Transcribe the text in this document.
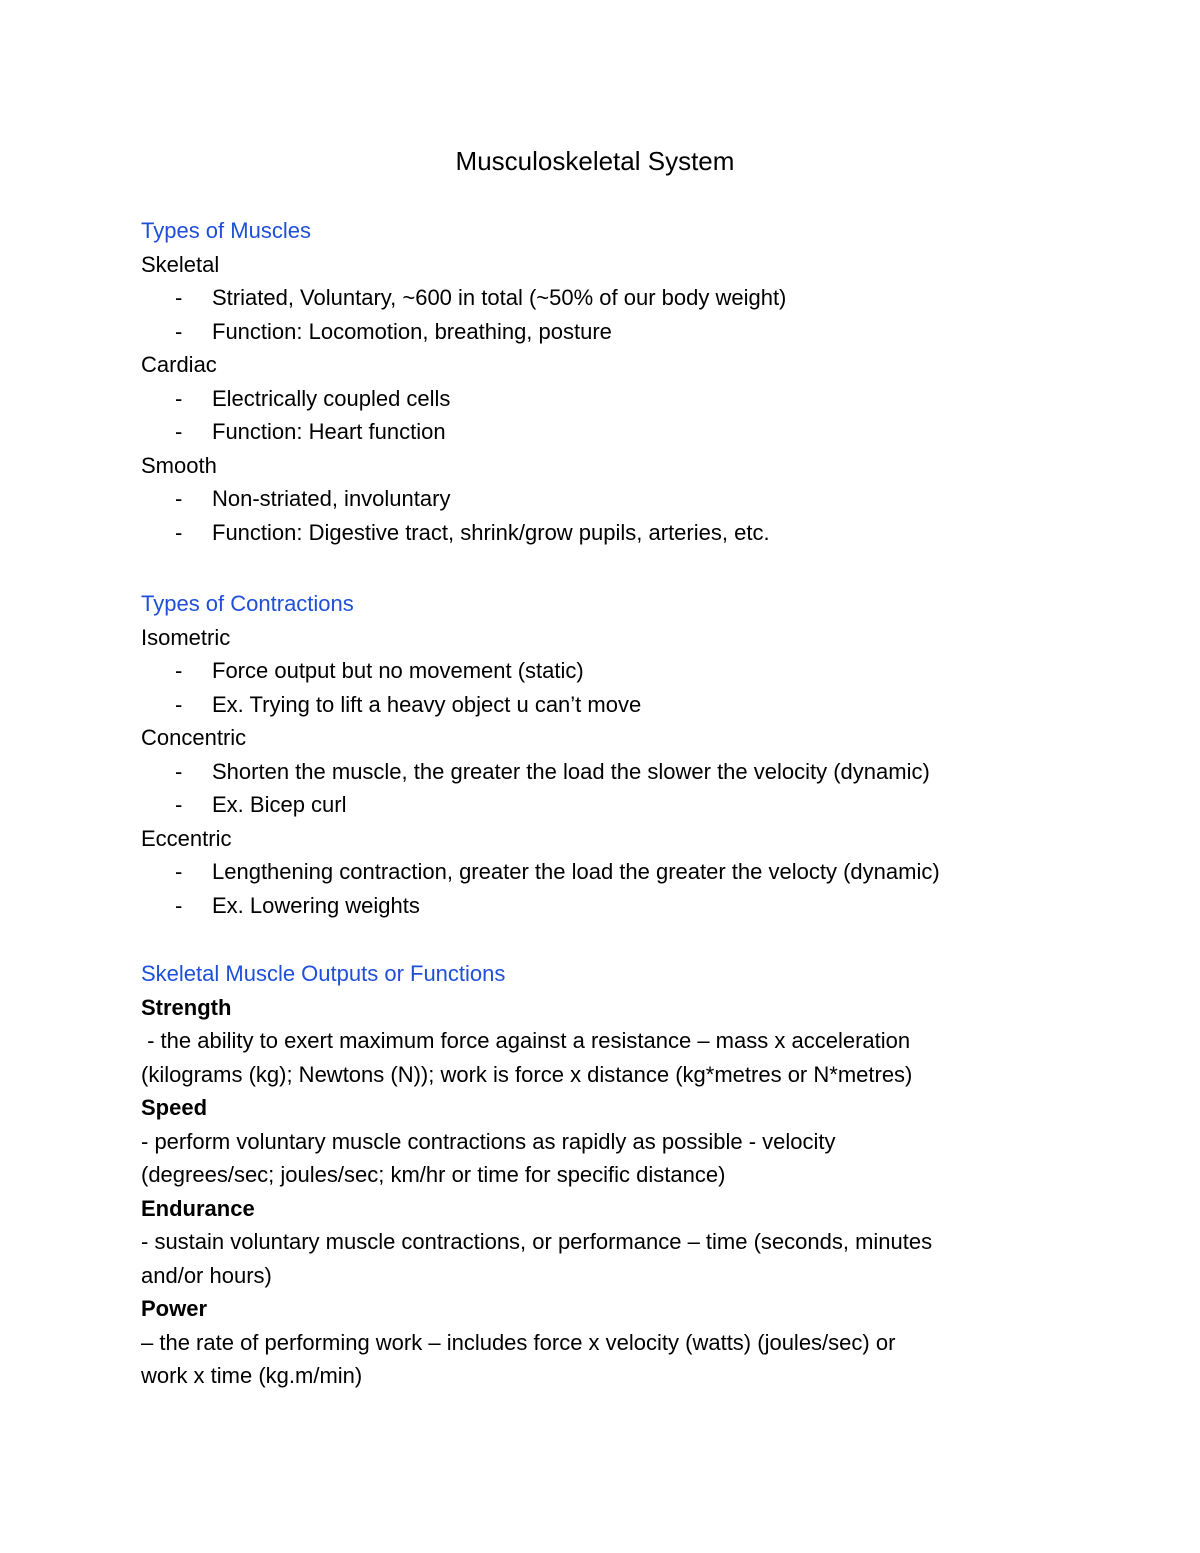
Musculoskeletal System
Types of Muscles
Skeletal
- Striated, Voluntary, ~600 in total (~50% of our body weight)
- Function: Locomotion, breathing, posture
Cardiac
- Electrically coupled cells
- Function: Heart function
Smooth
- Non-striated, involuntary
- Function: Digestive tract, shrink/grow pupils, arteries, etc.
Types of Contractions
Isometric
- Force output but no movement (static)
- Ex. Trying to lift a heavy object u can’t move
Concentric
- Shorten the muscle, the greater the load the slower the velocity (dynamic)
- Ex. Bicep curl
Eccentric
- Lengthening contraction, greater the load the greater the velocty (dynamic)
- Ex. Lowering weights
Skeletal Muscle Outputs or Functions
Strength
- the ability to exert maximum force against a resistance – mass x acceleration
(kilograms (kg); Newtons (N)); work is force x distance (kg*metres or N*metres)
Speed
- perform voluntary muscle contractions as rapidly as possible - velocity
(degrees/sec; joules/sec; km/hr or time for specific distance)
Endurance
- sustain voluntary muscle contractions, or performance – time (seconds, minutes
and/or hours)
Power
– the rate of performing work – includes force x velocity (watts) (joules/sec) or
work x time (kg.m/min)
